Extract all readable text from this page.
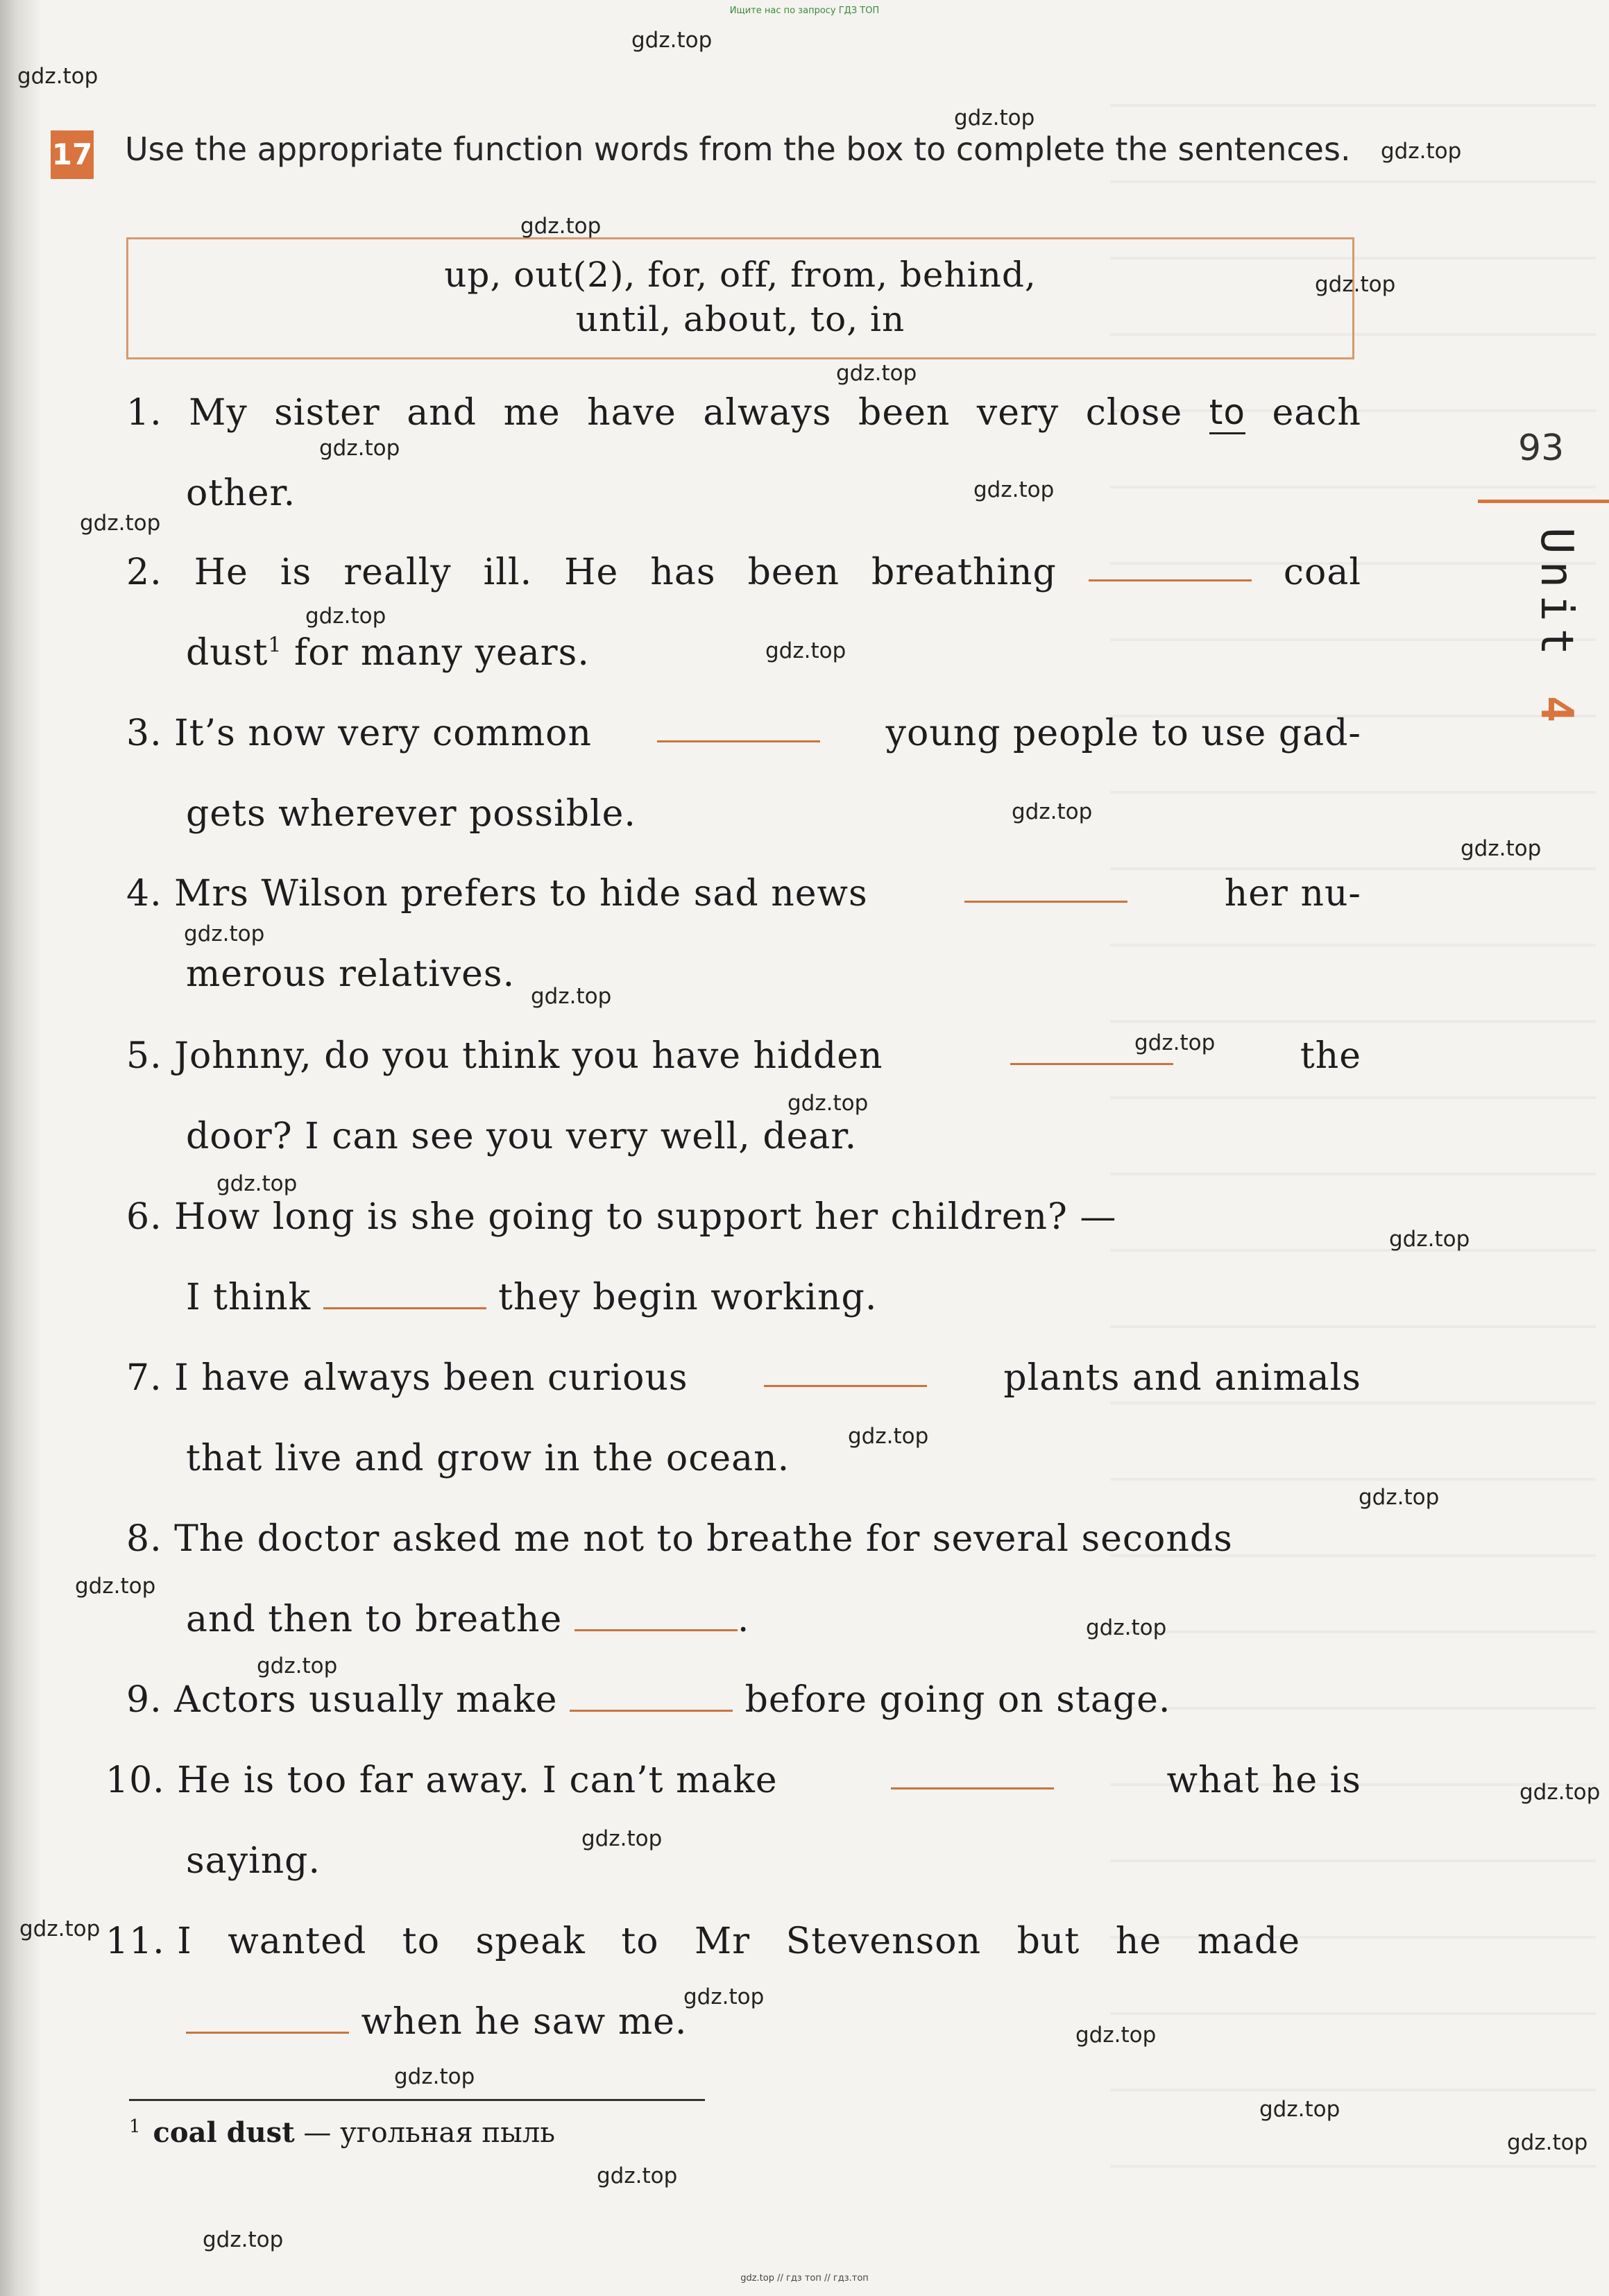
Ищите нас по запросу ГДЗ ТОП
gdz.top // гдз топ // гдз.топ
17 Use the appropriate function words from the box to complete the sentences.
up, out(2), for, off, from, behind,
until, about, to, in
1. My sister and me have always been very close to each
other.
2. He is really ill. He has been breathing	coal
dust$^1$ for many years.
3. It’s now very common	young people to use gad-
gets wherever possible.
4. Mrs Wilson prefers to hide sad news	her nu-
merous relatives.
5. Johnny, do you think you have hidden	the
door? I can see you very well, dear.
6. How long is she going to support her children? —
I think	they begin working.
7. I have always been curious	plants and animals
that live and grow in the ocean.
8. The doctor asked me not to breathe for several seconds
and then to breathe	.
9. Actors usually make	before going on stage.
10. He is too far away. I can’t make	what he is
saying.
11. I wanted to speak to Mr Stevenson but he made
when he saw me.
93
Unit 4
$^1$ coal dust — угольная пыль
gdz.top
gdz.top
gdz.top
gdz.top
gdz.top
gdz.top
gdz.top
gdz.top
gdz.top
gdz.top
gdz.top
gdz.top
gdz.top
gdz.top
gdz.top
gdz.top
gdz.top
gdz.top
gdz.top
gdz.top
gdz.top
gdz.top
gdz.top
gdz.top
gdz.top
gdz.top
gdz.top
gdz.top
gdz.top
gdz.top
gdz.top
gdz.top
gdz.top
gdz.top
gdz.top
